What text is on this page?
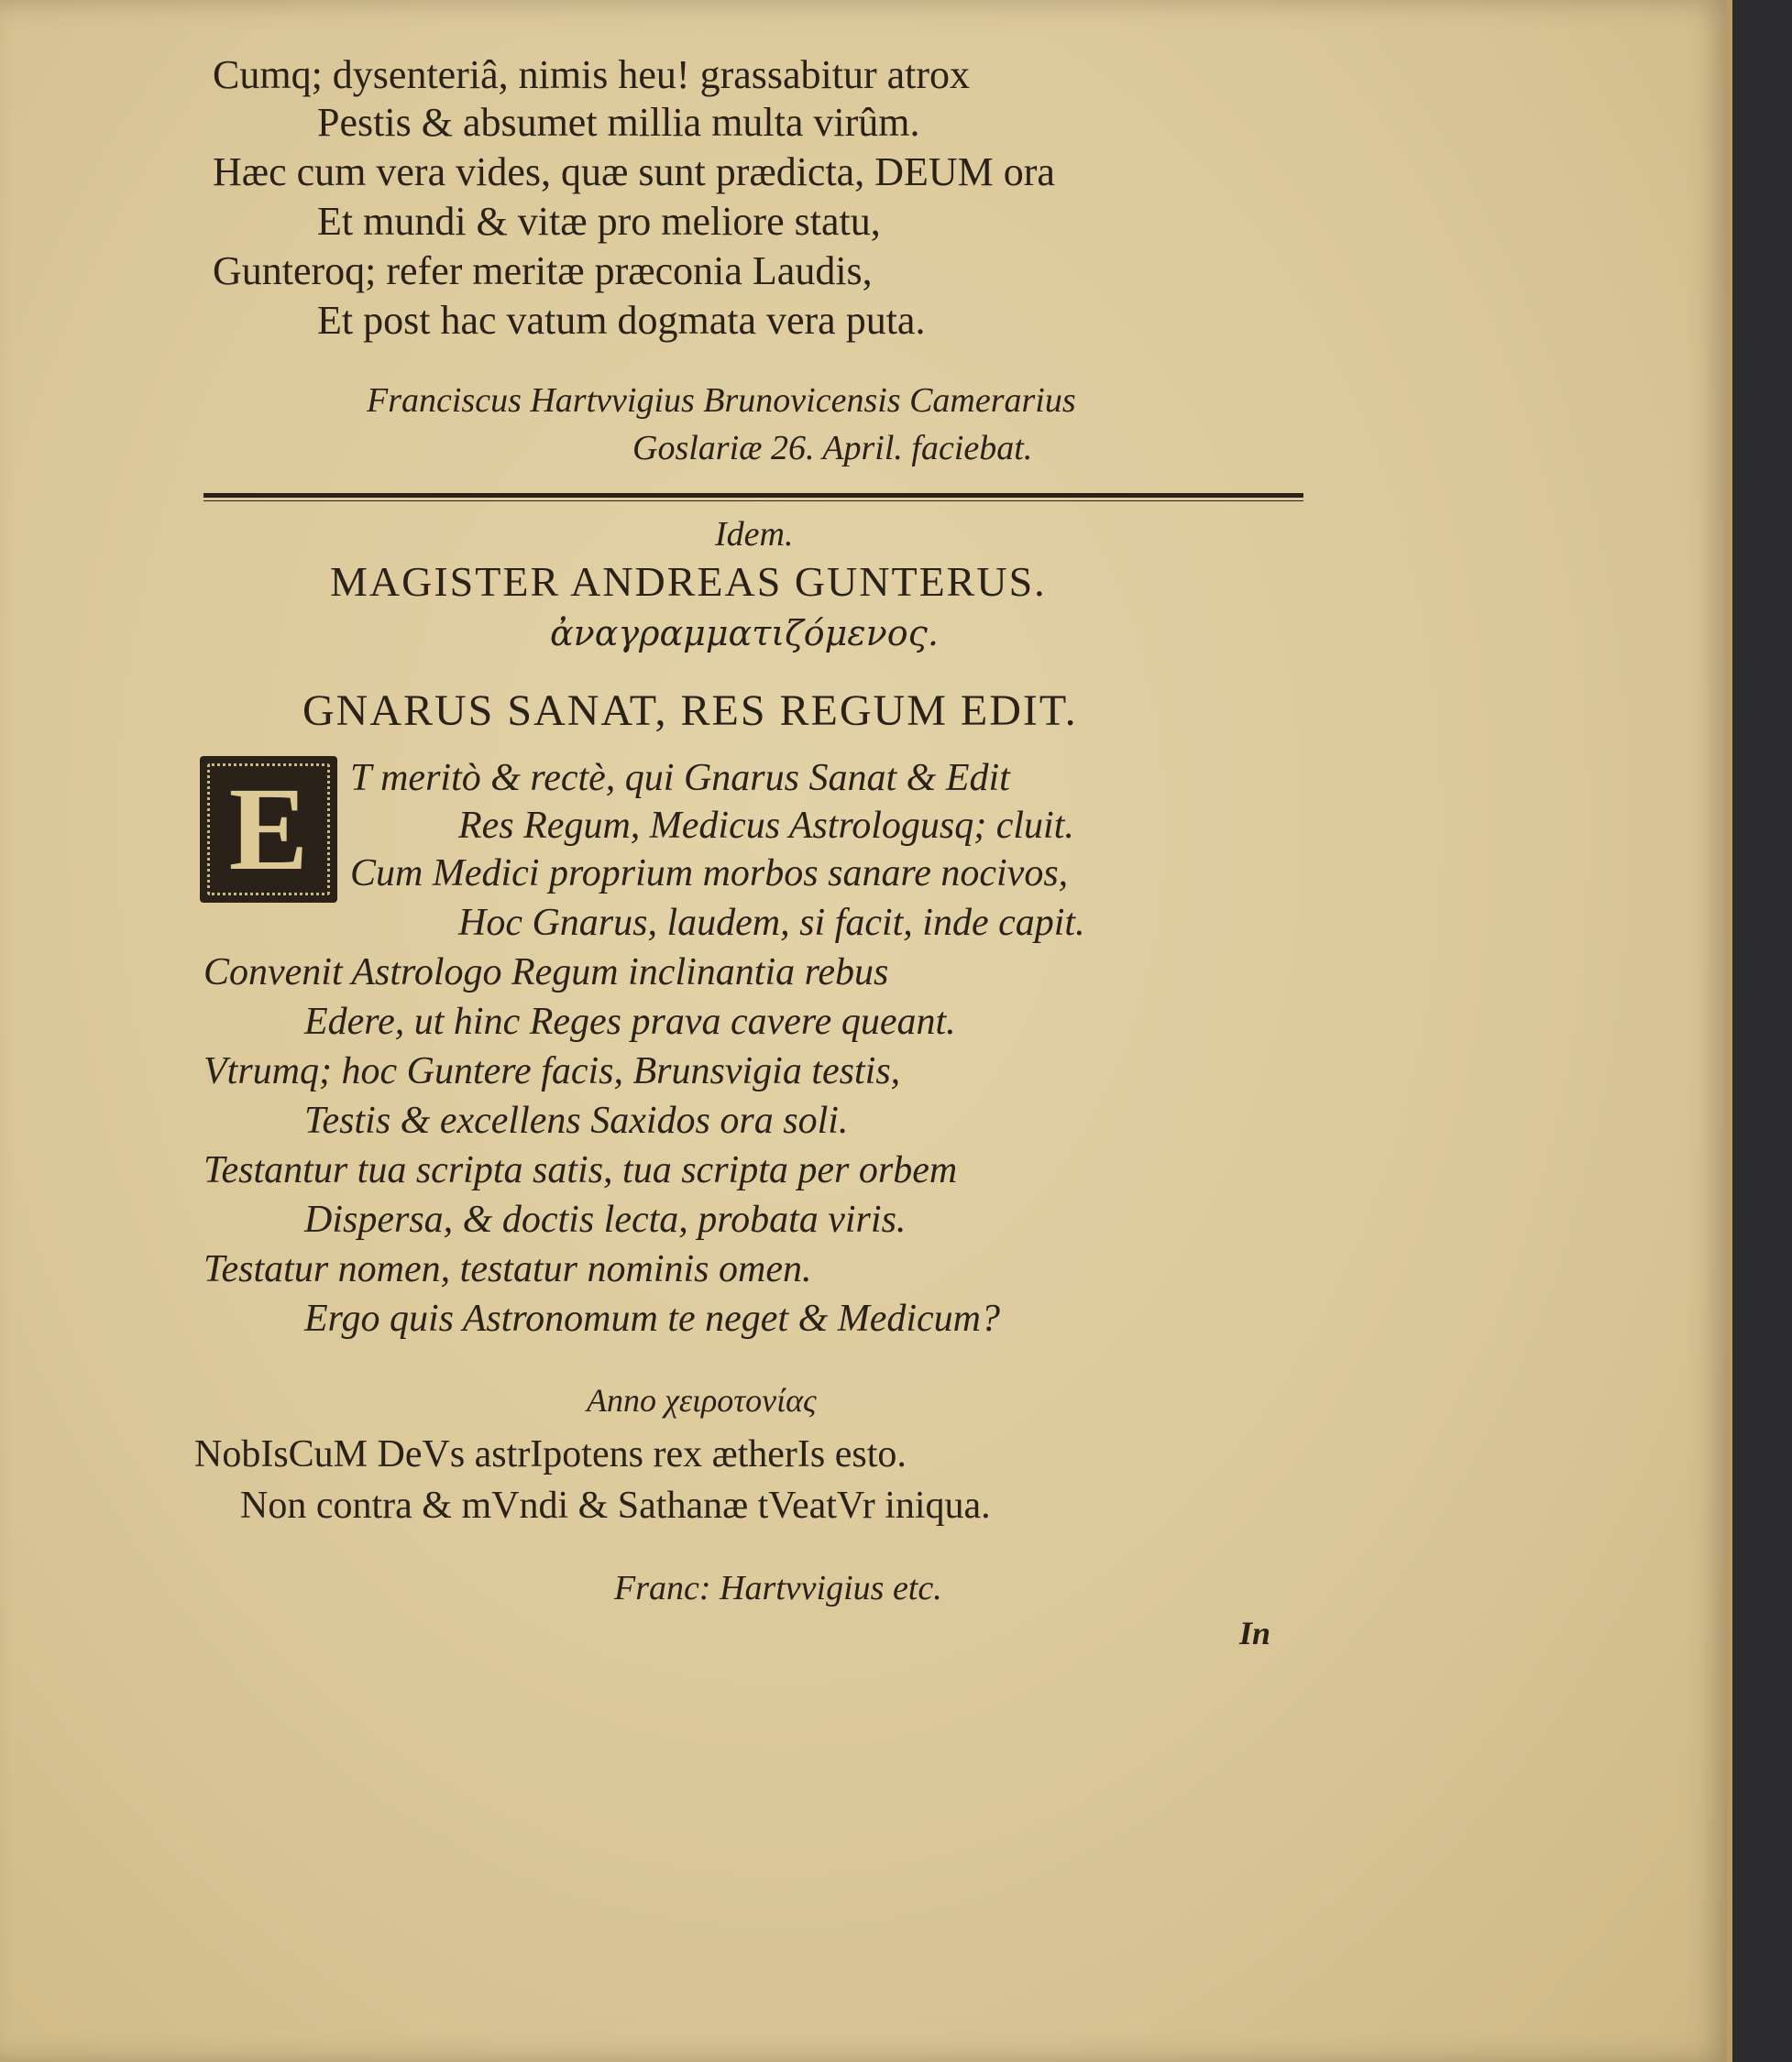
Cumq; dysenteriâ, nimis heu! grassabitur atrox
Pestis & absumet millia multa virûm.
Hæc cum vera vides, quæ sunt prædicta, DEUM ora
Et mundi & vitæ pro meliore statu,
Gunteroq; refer meritæ præconia Laudis,
Et post hac vatum dogmata vera puta.
Franciscus Hartvvigius Brunovicensis Camerarius
Goslariæ 26. April. faciebat.
Idem.
MAGISTER ANDREAS GUNTERUS.
ἀναγραμματιζόμενος.
GNARUS SANAT, RES REGUM EDIT.
E T meritò & rectè, qui Gnarus Sanat & Edit
Res Regum, Medicus Astrologusq; cluit.
Cum Medici proprium morbos sanare nocivos,
Hoc Gnarus, laudem, si facit, inde capit.
Convenit Astrologo Regum inclinantia rebus
Edere, ut hinc Reges prava cavere queant.
Vtrumq; hoc Guntere facis, Brunsvigia testis,
Testis & excellens Saxidos ora soli.
Testantur tua scripta satis, tua scripta per orbem
Dispersa, & doctis lecta, probata viris.
Testatur nomen, testatur nominis omen.
Ergo quis Astronomum te neget & Medicum?
Anno χειροτονίας
NobIsCuM DeVs astrIpotens rex ætherIs esto.
Non contra & mVndi & Sathanæ tVeatVr iniqua.
Franc: Hartvvigius etc.
In
